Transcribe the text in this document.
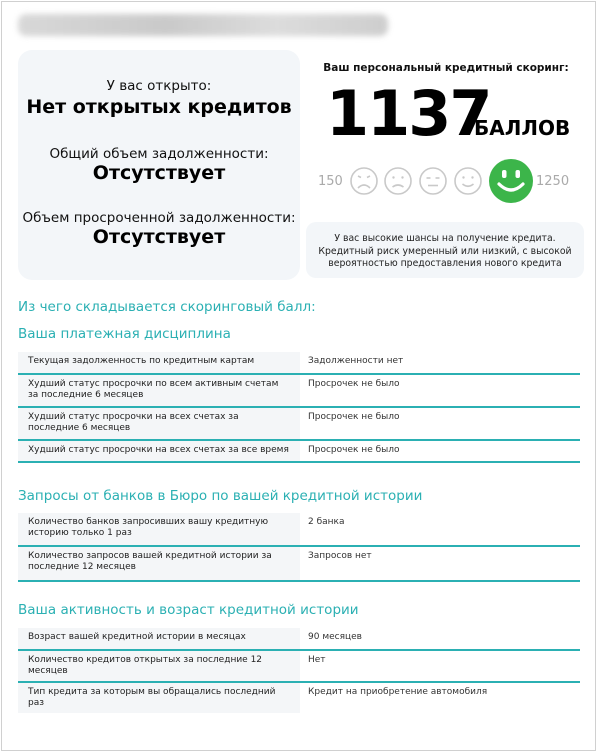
У вас открыто:
Нет открытых кредитов
Общий объем задолженности:
Отсутствует
Объем просроченной задолженности:
Отсутствует
Ваш персональный кредитный скоринг:
1137
БАЛЛОВ
150	1250
У вас высокие шансы на получение кредита. Кредитный риск умеренный или низкий, с высокой вероятностью предоставления нового кредита
Из чего складывается скоринговый балл:
Ваша платежная дисциплина
Текущая задолженность по кредитным картам	Задолженности нет
Худший статус просрочки по всем активным счетам за последние 6 месяцев	Просрочек не было
Худший статус просрочки на всех счетах за последние 6 месяцев	Просрочек не было
Худший статус просрочки на всех счетах за все время	Просрочек не было
Запросы от банков в Бюро по вашей кредитной истории
Количество банков запросивших вашу кредитную историю только 1 раз	2 банка
Количество запросов вашей кредитной истории за последние 12 месяцев	Запросов нет
Ваша активность и возраст кредитной истории
Возраст вашей кредитной истории в месяцах	90 месяцев
Количество кредитов открытых за последние 12 месяцев	Нет
Тип кредита за которым вы обращались последний раз	Кредит на приобретение автомобиля
